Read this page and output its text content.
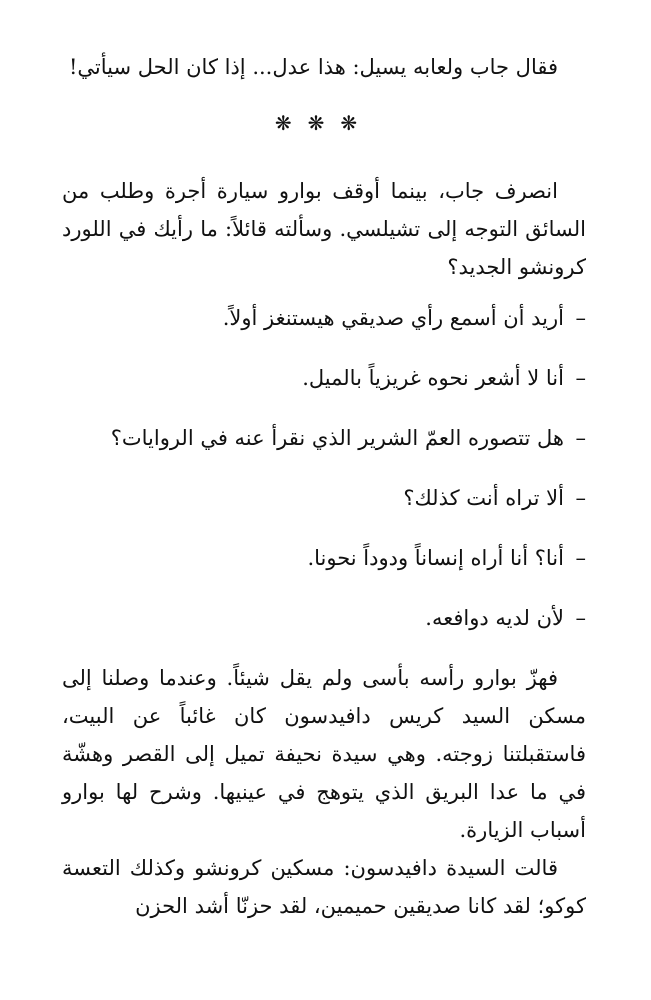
فقال جاب ولعابه يسيل: هذا عدل... إذا كان الحل سيأتي!

❋❋❋

انصرف جاب، بينما أوقف بوارو سيارة أجرة وطلب من السائق التوجه إلى تشيلسي. وسألته قائلاً: ما رأيك في اللورد كرونشو الجديد؟

–أريد أن أسمع رأي صديقي هيستنغز أولاً.
–أنا لا أشعر نحوه غريزياً بالميل.
–هل تتصوره العمّ الشرير الذي نقرأ عنه في الروايات؟
–ألا تراه أنت كذلك؟
–أنا؟ أنا أراه إنساناً ودوداً نحونا.
–لأن لديه دوافعه.

فهزّ بوارو رأسه بأسى ولم يقل شيئاً. وعندما وصلنا إلى مسكن السيد كريس دافيدسون كان غائباً عن البيت، فاستقبلتنا زوجته. وهي سيدة نحيفة تميل إلى القصر وهشّة في ما عدا البريق الذي يتوهج في عينيها. وشرح لها بوارو أسباب الزيارة.

قالت السيدة دافيدسون: مسكين كرونشو وكذلك التعسة كوكو؛ لقد كانا صديقين حميمين، لقد حزنّا أشد الحزن
